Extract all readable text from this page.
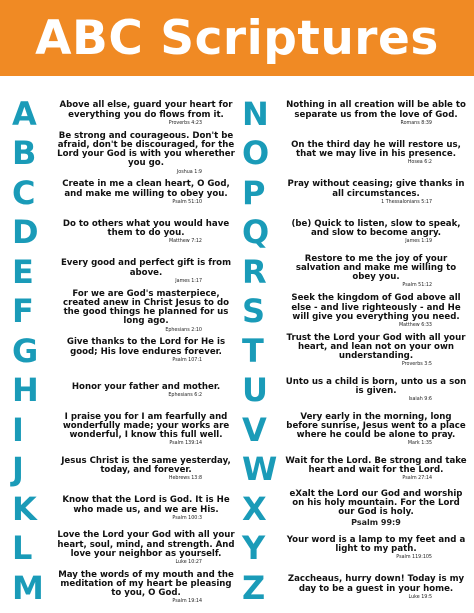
ABC Scriptures
A	Above all else, guard your heart for everything you do flows from it.
Proverbs 4:23
B	Be strong and courageous. Don't be afraid, don't be discouraged, for the Lord your God is with you wherether you go.
Joshua 1:9
C	Create in me a clean heart, O God, and make me willing to obey you.
Psalm 51:10
D	Do to others what you would have them to do you.
Matthew 7:12
E	Every good and perfect gift is from above.
James 1:17
F	For we are God's masterpiece, created anew in Christ Jesus to do the good things he planned for us long ago.
Ephesians 2:10
G	Give thanks to the Lord for He is good; His love endures forever.
Psalm 107:1
H	Honor your father and mother.
Ephesians 6:2
I	I praise you for I am fearfully and wonderfully made; your works are wonderful, I know this full well.
Psalm 139:14
J	Jesus Christ is the same yesterday, today, and forever.
Hebrews 13:8
K	Know that the Lord is God. It is He who made us, and we are His.
Psalm 100:3
L	Love the Lord your God with all your heart, soul, mind, and strength. And love your neighbor as yourself.
Luke 10:27
M	May the words of my mouth and the meditation of my heart be pleasing to you, O God.
Psalm 19:14
N	Nothing in all creation will be able to separate us from the love of God.
Romans 8:39
O	On the third day he will restore us, that we may live in his presence.
Hosea 6:2
P	Pray without ceasing; give thanks in all circumstances.
1 Thessalonians 5:17
Q	(be) Quick to listen, slow to speak, and slow to become angry.
James 1:19
R	Restore to me the joy of your salvation and make me willing to obey you.
Psalm 51:12
S	Seek the kingdom of God above all else - and live righteously - and He will give you everything you need.
Matthew 6:33
T	Trust the Lord your God with all your heart, and lean not on your own understanding.
Proverbs 3:5
U	Unto us a child is born, unto us a son is given.
Isaiah 9:6
V	Very early in the morning, long before sunrise, Jesus went to a place where he could be alone to pray.
Mark 1:35
W Wait for the Lord. Be strong and take heart and wait for the Lord.
Psalm 27:14
X	eXalt the Lord our God and worship on his holy mountain. For the Lord our God is holy.
Psalm 99:9
Y	Your word is a lamp to my feet and a light to my path.
Psalm 119:105
Z	Zaccheaus, hurry down! Today is my day to be a guest in your home.
Luke 19:5
